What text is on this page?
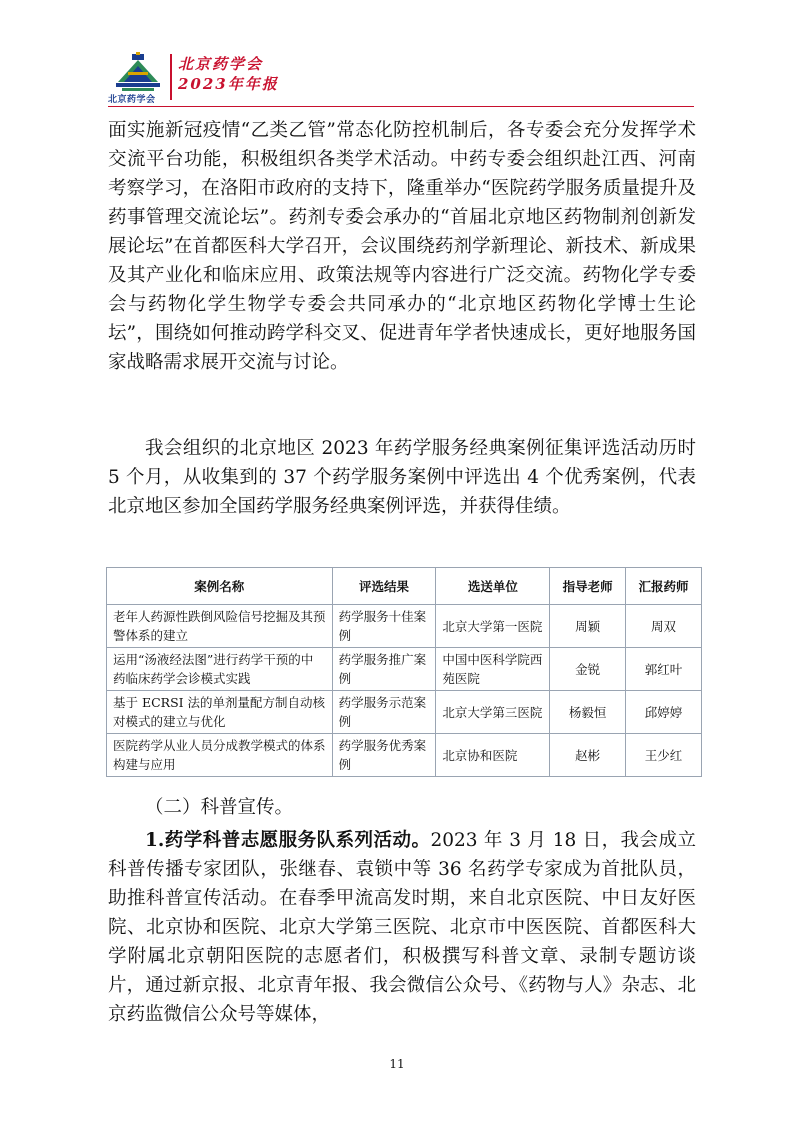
北京药学会
北京药学会
2023年年报

面实施新冠疫情“乙类乙管”常态化防控机制后，各专委会充分发挥学术交流平台功能，积极组织各类学术活动。中药专委会组织赴江西、河南考察学习，在洛阳市政府的支持下，隆重举办“医院药学服务质量提升及药事管理交流论坛”。药剂专委会承办的“首届北京地区药物制剂创新发展论坛”在首都医科大学召开，会议围绕药剂学新理论、新技术、新成果及其产业化和临床应用、政策法规等内容进行广泛交流。药物化学专委会与药物化学生物学专委会共同承办的“北京地区药物化学博士生论坛”，围绕如何推动跨学科交叉、促进青年学者快速成长，更好地服务国家战略需求展开交流与讨论。

我会组织的北京地区 2023 年药学服务经典案例征集评选活动历时 5 个月，从收集到的 37 个药学服务案例中评选出 4 个优秀案例，代表北京地区参加全国药学服务经典案例评选，并获得佳绩。

案例名称	评选结果	选送单位	指导老师	汇报药师
老年人药源性跌倒风险信号挖掘及其预警体系的建立	药学服务十佳案例	北京大学第一医院	周颖	周双
运用“汤液经法图”进行药学干预的中药临床药学会诊模式实践	药学服务推广案例	中国中医科学院西苑医院	金锐	郭红叶
基于 ECRSI 法的单剂量配方制自动核对模式的建立与优化	药学服务示范案例	北京大学第三医院	杨毅恒	邱婷婷
医院药学从业人员分成教学模式的体系构建与应用	药学服务优秀案例	北京协和医院	赵彬	王少红
（二）科普宣传。

1.药学科普志愿服务队系列活动。2023 年 3 月 18 日，我会成立科普传播专家团队，张继春、袁锁中等 36 名药学专家成为首批队员，助推科普宣传活动。在春季甲流高发时期，来自北京医院、中日友好医院、北京协和医院、北京大学第三医院、北京市中医医院、首都医科大学附属北京朝阳医院的志愿者们，积极撰写科普文章、录制专题访谈片，通过新京报、北京青年报、我会微信公众号、《药物与人》杂志、北京药监微信公众号等媒体，

11
